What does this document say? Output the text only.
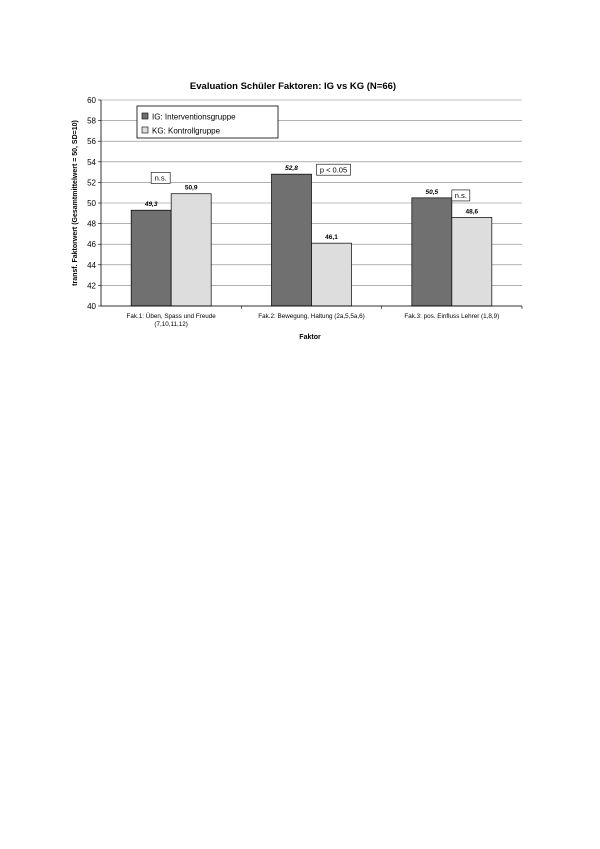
Evaluation Schüler Faktoren: IG vs KG (N=66)
40
42
44
46
48
50
52
54
56
58
60
Fak.1: Üben, Spass und Freude
(7,10,11,12)
Fak.2: Bewegung, Haltung (2a,5,5a,6)	Fak.3: pos. Einfluss Lehrer (1,8,9)
49,3
50,9
52,8
46,1
50,5
48,6
n.s.
p < 0.05
n.s.
transf. Faktorwert (Gesamtmittelwert = 50, SD=10)
Faktor
IG: Interventionsgruppe
KG: Kontrollgruppe
